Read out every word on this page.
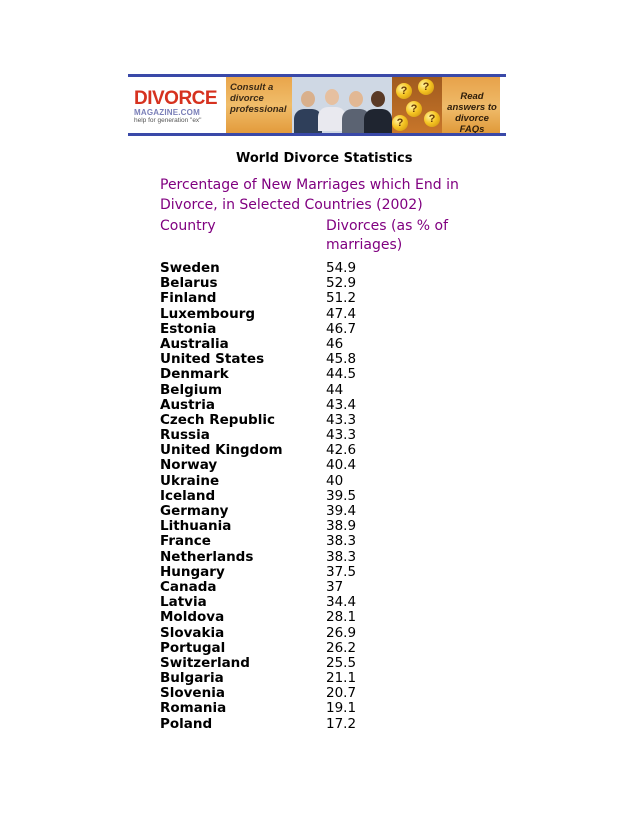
DIVORCE
MAGAZINE.COM
help for generation "ex"
Consult a divorce professional
?	?
?
?
?
Read answers to divorce FAQs
World Divorce Statistics
Percentage of New Marriages which End in Divorce, in Selected Countries (2002)
Country	Divorces (as % of marriages)
Sweden	54.9
Belarus	52.9
Finland	51.2
Luxembourg	47.4
Estonia	46.7
Australia	46
United States	45.8
Denmark	44.5
Belgium	44
Austria	43.4
Czech Republic	43.3
Russia	43.3
United Kingdom	42.6
Norway	40.4
Ukraine	40
Iceland	39.5
Germany	39.4
Lithuania	38.9
France	38.3
Netherlands	38.3
Hungary	37.5
Canada	37
Latvia	34.4
Moldova	28.1
Slovakia	26.9
Portugal	26.2
Switzerland	25.5
Bulgaria	21.1
Slovenia	20.7
Romania	19.1
Poland	17.2
